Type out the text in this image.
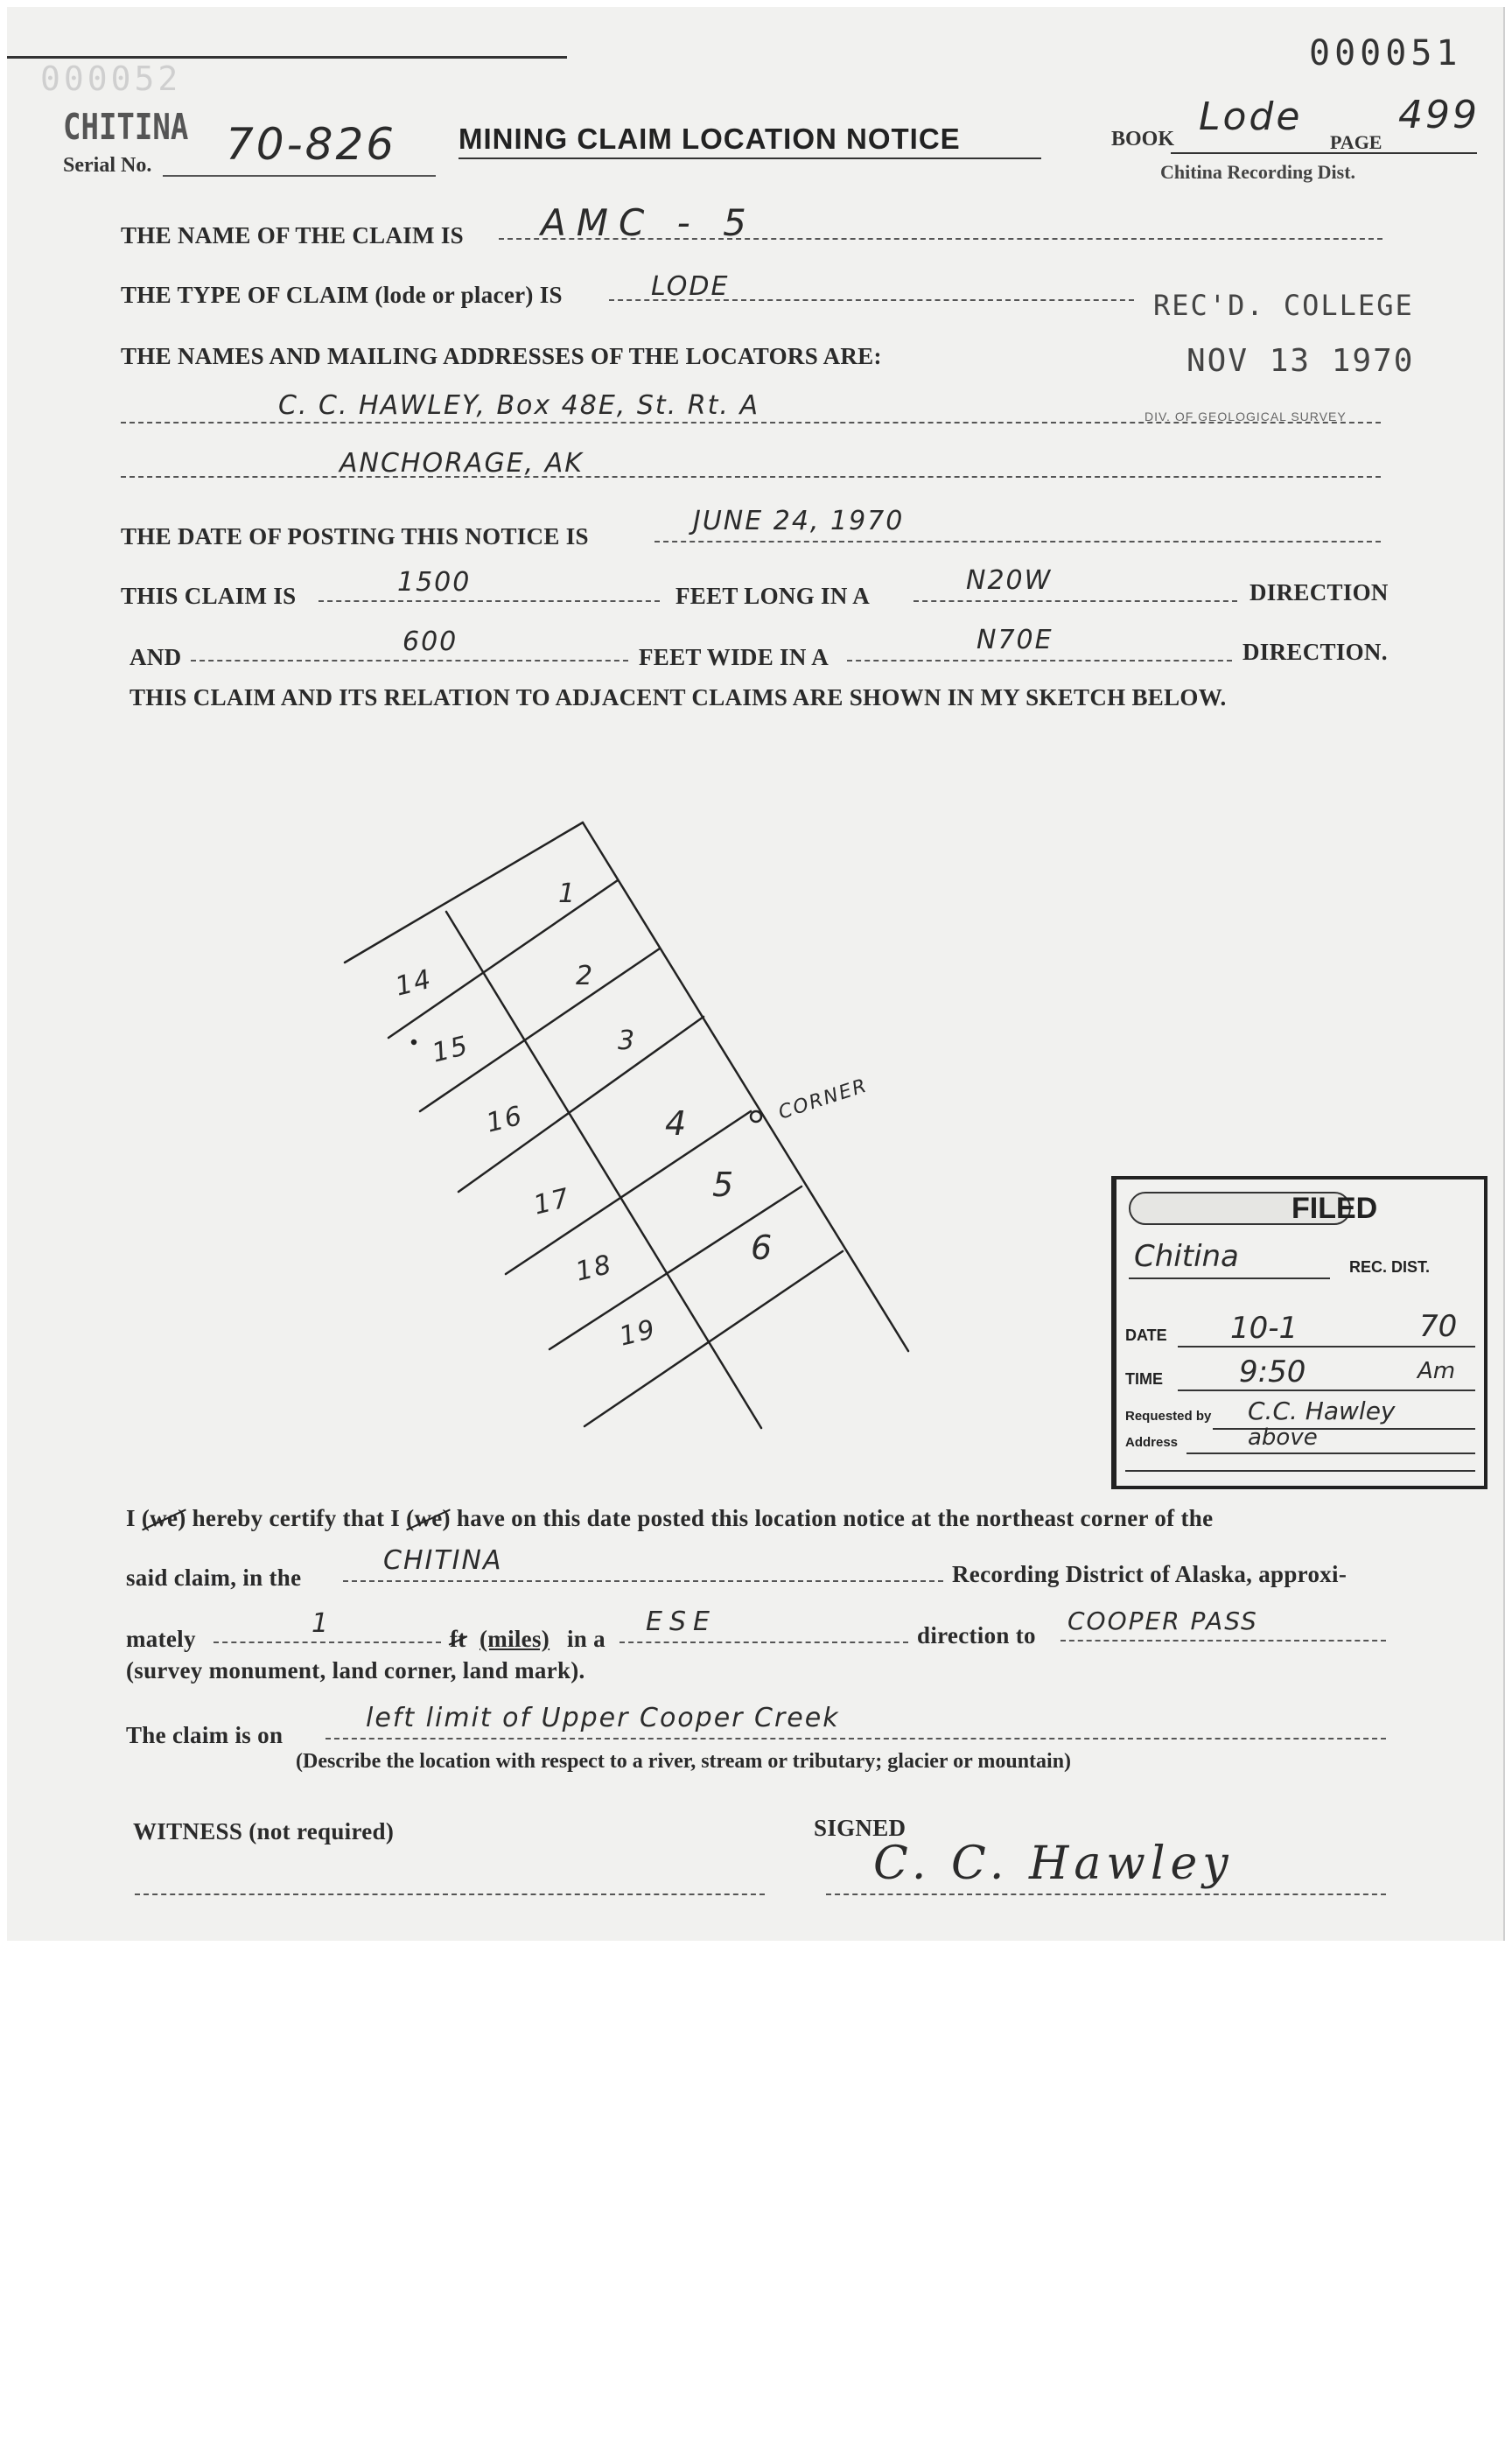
000052
000051
CHITINA
Serial No. 70-826 MINING CLAIM LOCATION NOTICE	BOOK Lode
PAGE
499
Chitina Recording Dist.
REC'D. COLLEGE
NOV 13 1970
DIV. OF GEOLOGICAL SURVEY
THE NAME OF THE CLAIM IS AMC - 5
THE TYPE OF CLAIM (lode or placer) IS	LODE
THE NAMES AND MAILING ADDRESSES OF THE LOCATORS ARE:
C. C. HAWLEY, Box 48E, St. Rt. A
ANCHORAGE, AK
THE DATE OF POSTING THIS NOTICE IS	JUNE 24, 1970
THIS CLAIM IS	1500	FEET LONG IN A	N20W	DIRECTION
AND	600	FEET WIDE IN A
N70E	DIRECTION.
THIS CLAIM AND ITS RELATION TO ADJACENT CLAIMS ARE SHOWN IN MY SKETCH BELOW.
1
2
3
4
5
6
14
15
16
17
18
19
CORNER
FILED
Chitina	REC. DIST.
DATE 10-1	70
TIME	9:50	Am
Requested by C.C. Hawley
Address	above
I (we) hereby certify that I (we) have on this date posted this location notice at the northeast corner of the
said claim, in the
CHITINA	Recording District of Alaska, approxi-
mately	1	ft (miles) in a
ESE	direction to COOPER PASS
(survey monument, land corner, land mark).
The claim is on
left limit of Upper Cooper Creek
(Describe the location with respect to a river, stream or tributary; glacier or mountain)
WITNESS (not required)	SIGNED
C. C. Hawley
